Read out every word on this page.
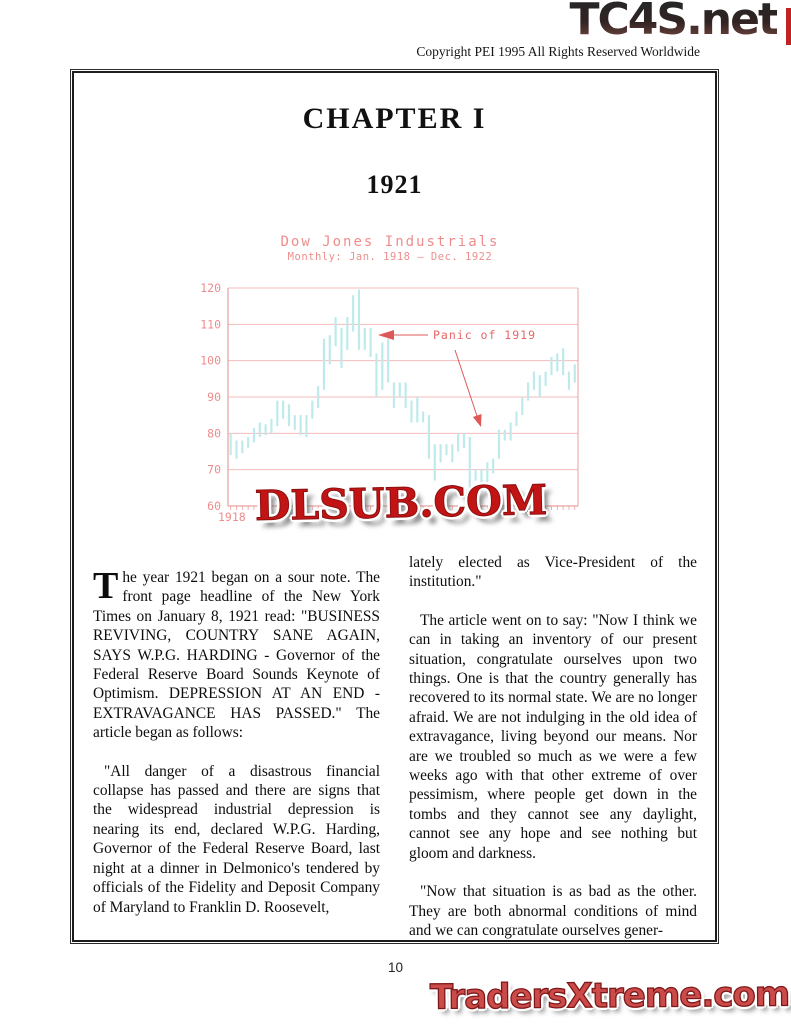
TC4S.net
Copyright PEI 1995 All Rights Reserved Worldwide
CHAPTER I
1921
Dow Jones Industrials
Monthly: Jan. 1918 — Dec. 1922
60
70
80
90
100
110
120
1918
Panic of 1919
DLSUB.COM

The year 1921 began on a sour note. The front page headline of the New York Times on January 8, 1921 read: "BUSINESS REVIVING, COUNTRY SANE AGAIN, SAYS W.P.G. HARDING - Governor of the Federal Reserve Board Sounds Keynote of Optimism. DEPRESSION AT AN END - EXTRAVAGANCE HAS PASSED." The article began as follows:

"All danger of a disastrous financial collapse has passed and there are signs that the widespread industrial depression is nearing its end, declared W.P.G. Harding, Governor of the Federal Reserve Board, last night at a dinner in Delmonico's tendered by officials of the Fidelity and Deposit Company of Maryland to Franklin D. Roosevelt,

lately elected as Vice-President of the institution."

The article went on to say: "Now I think we can in taking an inventory of our present situation, congratulate ourselves upon two things. One is that the country generally has recovered to its normal state. We are no longer afraid. We are not indulging in the old idea of extravagance, living beyond our means. Nor are we troubled so much as we were a few weeks ago with that other extreme of over pessimism, where people get down in the tombs and they cannot see any daylight, cannot see any hope and see nothing but gloom and darkness.

"Now that situation is as bad as the other. They are both abnormal conditions of mind and we can congratulate ourselves gener-

10
TradersXtreme.com
